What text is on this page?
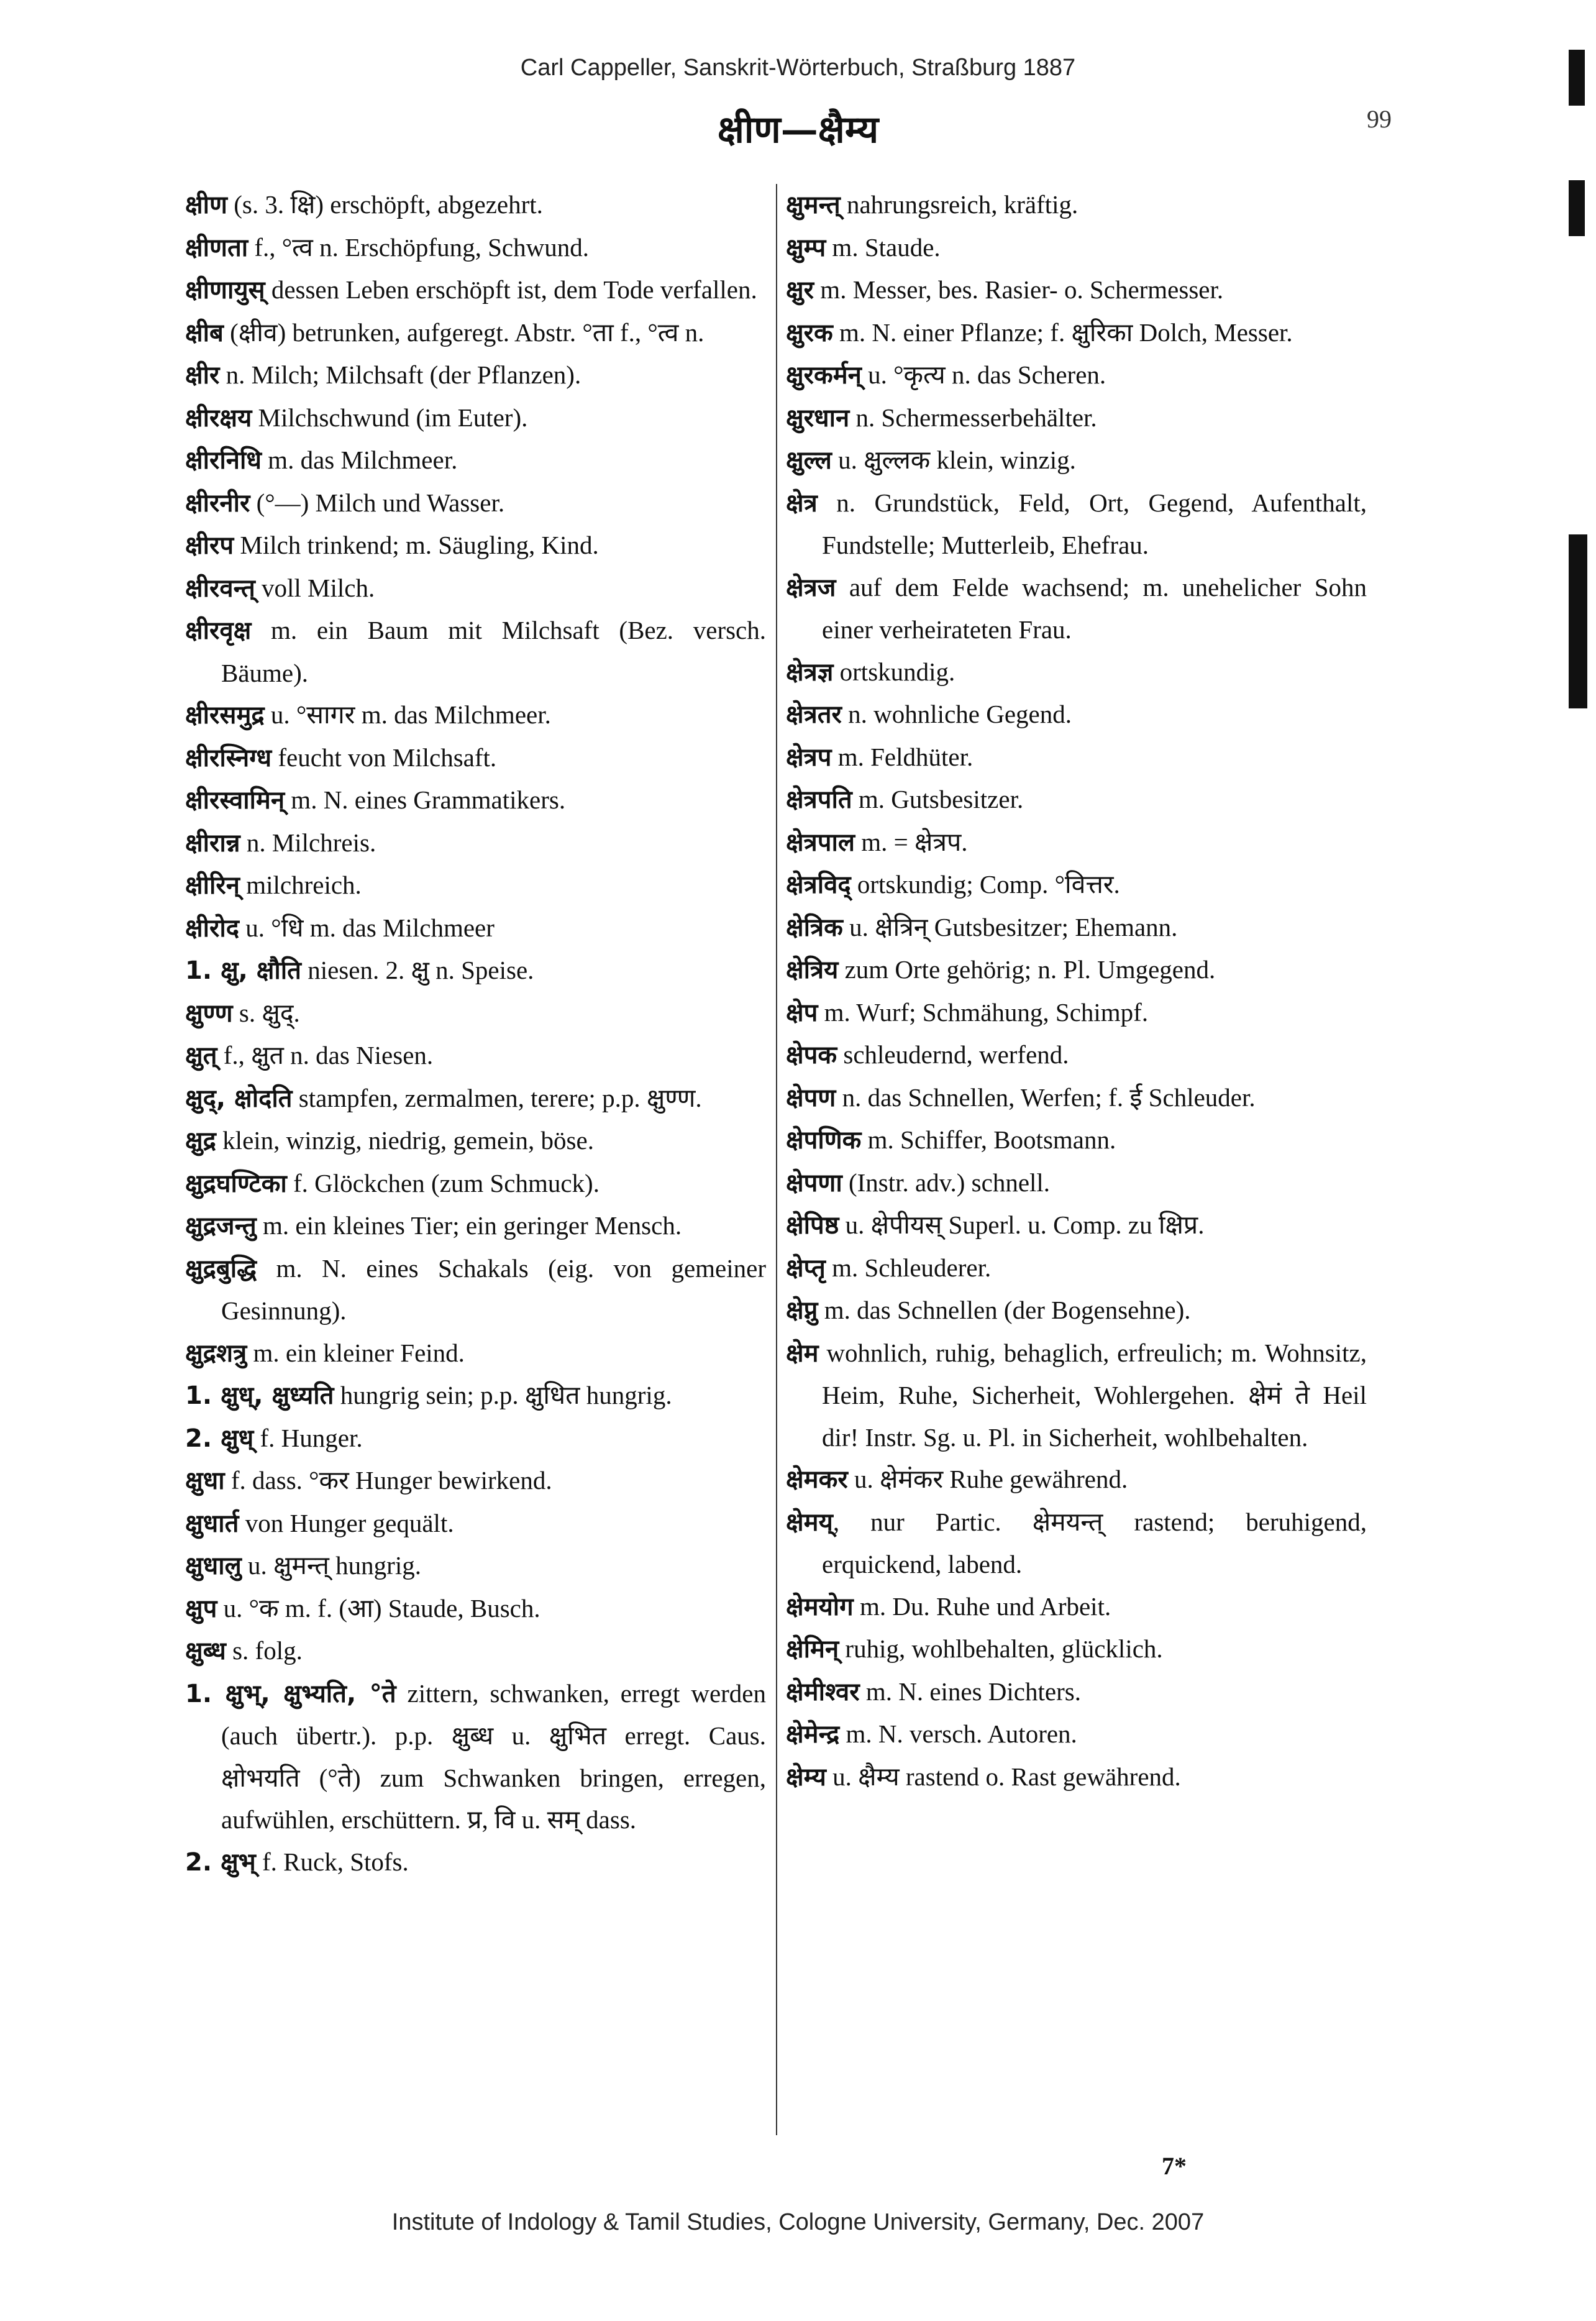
Carl Cappeller, Sanskrit-Wörterbuch, Straßburg 1887
क्षीण—क्षैम्य	99

क्षीण (s. 3. क्षि) erschöpft, abgezehrt.

क्षीणता f., °त्व n. Erschöpfung, Schwund.

क्षीणायुस् dessen Leben erschöpft ist, dem Tode verfallen.

क्षीब (क्षीव) betrunken, aufgeregt. Abstr. °ता f., °त्व n.

क्षीर n. Milch; Milchsaft (der Pflanzen).

क्षीरक्षय Milchschwund (im Euter).

क्षीरनिधि m. das Milchmeer.

क्षीरनीर (°—) Milch und Wasser.

क्षीरप Milch trinkend; m. Säugling, Kind.

क्षीरवन्त् voll Milch.

क्षीरवृक्ष m. ein Baum mit Milchsaft (Bez. versch. Bäume).

क्षीरसमुद्र u. °सागर m. das Milchmeer.

क्षीरस्निग्ध feucht von Milchsaft.

क्षीरस्वामिन् m. N. eines Grammatikers.

क्षीरान्न n. Milchreis.

क्षीरिन् milchreich.

क्षीरोद u. °धि m. das Milchmeer

1. क्षु, क्षौति niesen. 2. क्षु n. Speise.

क्षुण्ण s. क्षुद्.

क्षुत् f., क्षुत n. das Niesen.

क्षुद्, क्षोदति stampfen, zermalmen, terere; p.p. क्षुण्ण.

क्षुद्र klein, winzig, niedrig, gemein, böse.

क्षुद्रघण्टिका f. Glöckchen (zum Schmuck).

क्षुद्रजन्तु m. ein kleines Tier; ein geringer Mensch.

क्षुद्रबुद्धि m. N. eines Schakals (eig. von gemeiner Gesinnung).

क्षुद्रशत्रु m. ein kleiner Feind.

1. क्षुध्, क्षुध्यति hungrig sein; p.p. क्षुधित hungrig.

2. क्षुध् f. Hunger.

क्षुधा f. dass. °कर Hunger bewirkend.

क्षुधार्त von Hunger gequält.

क्षुधालु u. क्षुमन्त् hungrig.

क्षुप u. °क m. f. (आ) Staude, Busch.

क्षुब्ध s. folg.

1. क्षुभ्, क्षुभ्यति, °ते zittern, schwanken, erregt werden (auch übertr.). p.p. क्षुब्ध u. क्षुभित erregt. Caus. क्षोभयति (°ते) zum Schwanken bringen, erregen, aufwühlen, erschüttern. प्र, वि u. सम् dass.

2. क्षुभ् f. Ruck, Stofs.

क्षुमन्त् nahrungsreich, kräftig.

क्षुम्प m. Staude.

क्षुर m. Messer, bes. Rasier- o. Schermesser.

क्षुरक m. N. einer Pflanze; f. क्षुरिका Dolch, Messer.

क्षुरकर्मन् u. °कृत्य n. das Scheren.

क्षुरधान n. Schermesserbehälter.

क्षुल्ल u. क्षुल्लक klein, winzig.

क्षेत्र n. Grundstück, Feld, Ort, Gegend, Aufenthalt, Fundstelle; Mutterleib, Ehefrau.

क्षेत्रज auf dem Felde wachsend; m. unehelicher Sohn einer verheirateten Frau.

क्षेत्रज्ञ ortskundig.

क्षेत्रतर n. wohnliche Gegend.

क्षेत्रप m. Feldhüter.

क्षेत्रपति m. Gutsbesitzer.

क्षेत्रपाल m. = क्षेत्रप.

क्षेत्रविद् ortskundig; Comp. °वित्तर.

क्षेत्रिक u. क्षेत्रिन् Gutsbesitzer; Ehemann.

क्षेत्रिय zum Orte gehörig; n. Pl. Umgegend.

क्षेप m. Wurf; Schmähung, Schimpf.

क्षेपक schleudernd, werfend.

क्षेपण n. das Schnellen, Werfen; f. ई Schleuder.

क्षेपणिक m. Schiffer, Bootsmann.

क्षेपणा (Instr. adv.) schnell.

क्षेपिष्ठ u. क्षेपीयस् Superl. u. Comp. zu क्षिप्र.

क्षेप्तृ m. Schleuderer.

क्षेप्नु m. das Schnellen (der Bogensehne).

क्षेम wohnlich, ruhig, behaglich, erfreulich; m. Wohnsitz, Heim, Ruhe, Sicherheit, Wohlergehen. क्षेमं ते Heil dir! Instr. Sg. u. Pl. in Sicherheit, wohlbehalten.

क्षेमकर u. क्षेमंकर Ruhe gewährend.

क्षेमय्, nur Partic. क्षेमयन्त् rastend; beruhigend, erquickend, labend.

क्षेमयोग m. Du. Ruhe und Arbeit.

क्षेमिन् ruhig, wohlbehalten, glücklich.

क्षेमीश्वर m. N. eines Dichters.

क्षेमेन्द्र m. N. versch. Autoren.

क्षेम्य u. क्षैम्य rastend o. Rast gewährend.

7*
Institute of Indology & Tamil Studies, Cologne University, Germany, Dec. 2007
